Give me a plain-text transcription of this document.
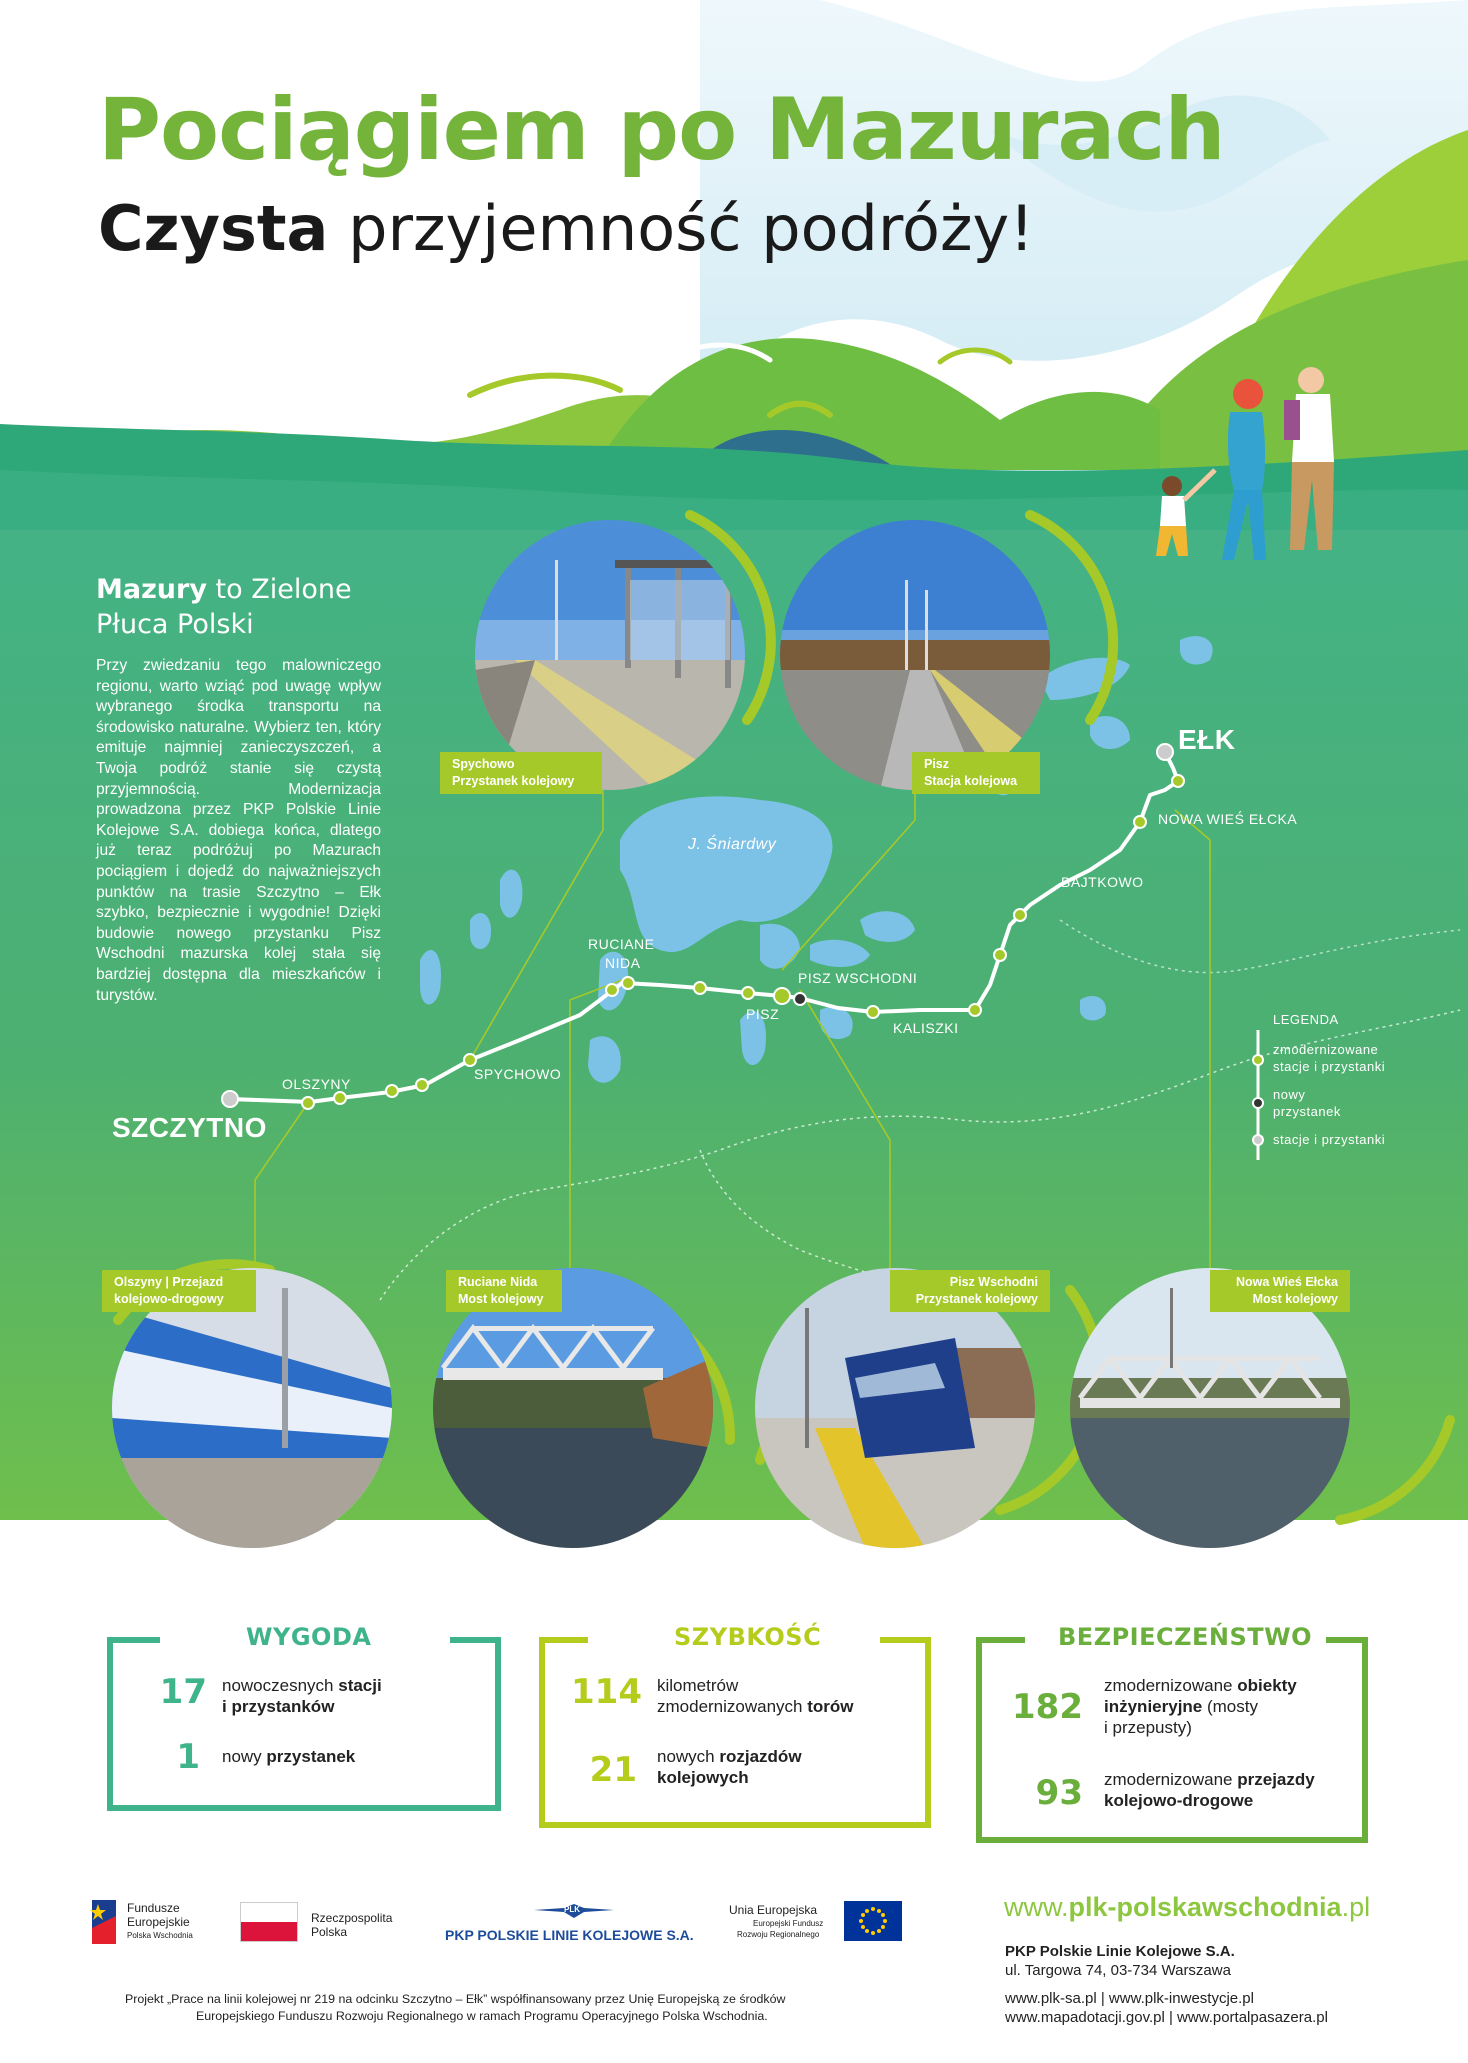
Pociągiem po Mazurach
Czysta przyjemność podróży!
Mazury to Zielone Płuca Polski

Przy zwiedzaniu tego malowniczego regionu, warto wziąć pod uwagę wpływ wybranego środka transportu na środowisko naturalne. Wybierz ten, który emituje najmniej zanieczyszczeń, a Twoja podróż stanie się czystą przyjemnością. Modernizacja prowadzona przez PKP Polskie Linie Kolejowe S.A. dobiega końca, dlatego już teraz podróżuj po Mazurach pociągiem i dojedź do najważniejszych punktów na trasie Szczytno – Ełk szybko, bezpiecznie i wygodnie! Dzięki budowie nowego przystanku Pisz Wschodni mazurska kolej stała się bardziej dostępna dla mieszkańców i turystów.

Spychowo
Przystanek kolejowy
Pisz
Stacja kolejowa
Olszyny | Przejazd
kolejowo-drogowy
Ruciane Nida
Most kolejowy
Pisz Wschodni
Przystanek kolejowy
Nowa Wieś Ełcka
Most kolejowy
J. Śniardwy
SZCZYTNO
OLSZYNY
SPYCHOWO
RUCIANE
NIDA
PISZ
PISZ WSCHODNI
KALISZKI
BAJTKOWO
NOWA WIEŚ EŁCKA
EŁK
LEGENDA
zmodernizowane
stacje i przystanki
nowy
przystanek
stacje i przystanki
WYGODA
17 nowoczesnych stacji
i przystanków
1 nowy przystanek
SZYBKOŚĆ
114 kilometrów
zmodernizowanych torów
21 nowych rozjazdów
kolejowych
BEZPIECZEŃSTWO
182
zmodernizowane obiekty
inżynieryjne (mosty
i przepusty)
93 zmodernizowane przejazdy
kolejowo-drogowe
Fundusze
Europejskie
Polska Wschodnia
Rzeczpospolita
Polska
PLK
PKP POLSKIE LINIE KOLEJOWE S.A.
Unia Europejska
Europejski Fundusz
Rozwoju Regionalnego
Projekt „Prace na linii kolejowej nr 219 na odcinku Szczytno – Ełk” współfinansowany przez Unię Europejską ze środków
Europejskiego Funduszu Rozwoju Regionalnego w ramach Programu Operacyjnego Polska Wschodnia.
www.plk-polskawschodnia.pl
PKP Polskie Linie Kolejowe S.A.
ul. Targowa 74, 03-734 Warszawa
www.plk-sa.pl | www.plk-inwestycje.pl
www.mapadotacji.gov.pl | www.portalpasazera.pl
